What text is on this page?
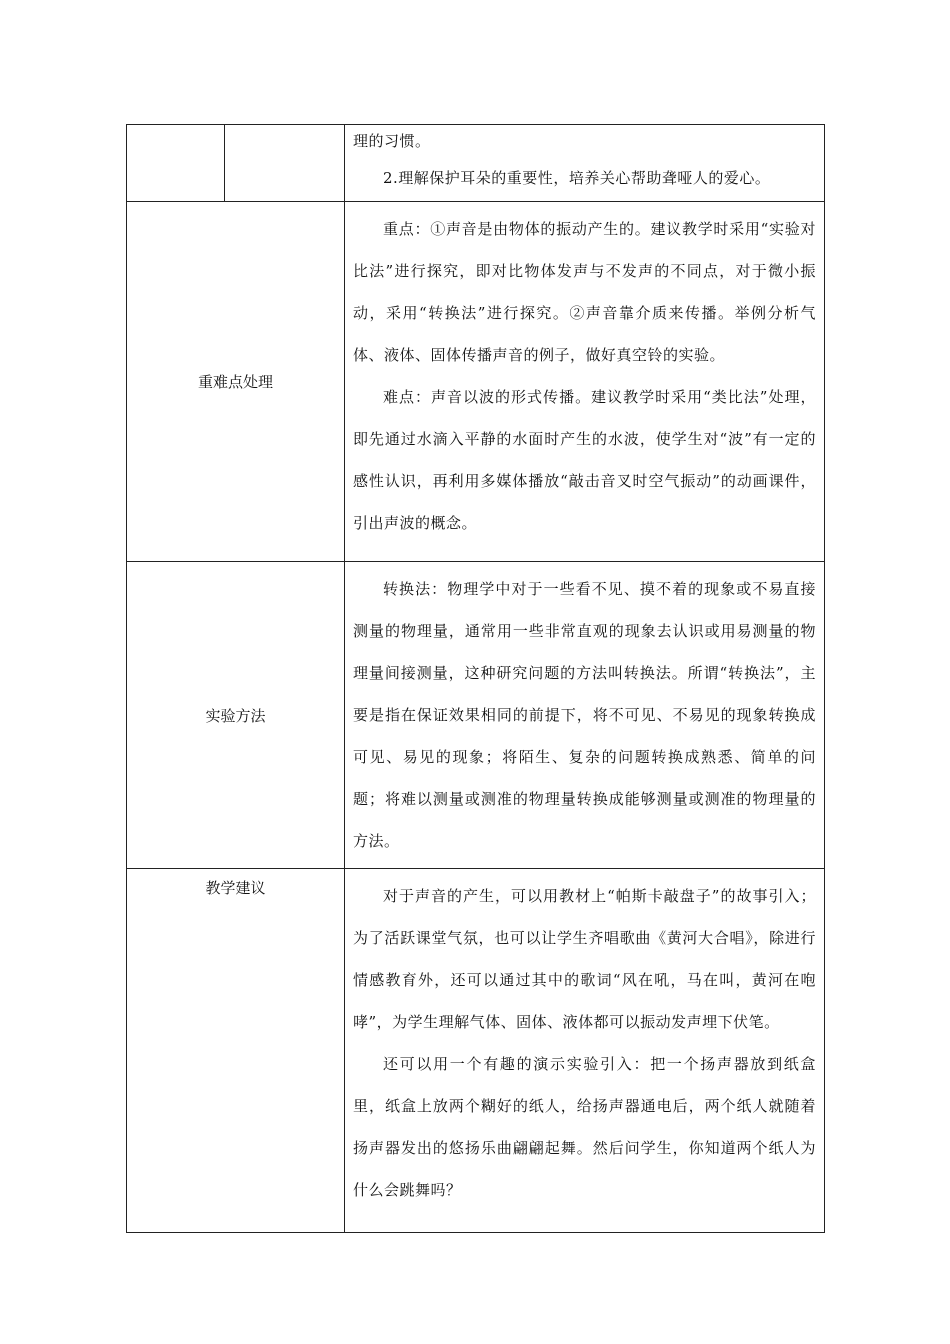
		理的习惯。

2.理解保护耳朵的重要性，培养关心帮助聋哑人的爱心。

重难点处理		重点：①声音是由物体的振动产生的。建议教学时采用“实验对比法”进行探究，即对比物体发声与不发声的不同点，对于微小振动，采用“转换法”进行探究。②声音靠介质来传播。举例分析气体、液体、固体传播声音的例子，做好真空铃的实验。

难点：声音以波的形式传播。建议教学时采用“类比法”处理，即先通过水滴入平静的水面时产生的水波，使学生对“波”有一定的感性认识，再利用多媒体播放“敲击音叉时空气振动”的动画课件，引出声波的概念。

实验方法		转换法：物理学中对于一些看不见、摸不着的现象或不易直接测量的物理量，通常用一些非常直观的现象去认识或用易测量的物理量间接测量，这种研究问题的方法叫转换法。所谓“转换法”，主要是指在保证效果相同的前提下，将不可见、不易见的现象转换成可见、易见的现象；将陌生、复杂的问题转换成熟悉、简单的问题；将难以测量或测准的物理量转换成能够测量或测准的物理量的方法。

教学建议		对于声音的产生，可以用教材上“帕斯卡敲盘子”的故事引入；为了活跃课堂气氛，也可以让学生齐唱歌曲《黄河大合唱》，除进行情感教育外，还可以通过其中的歌词“风在吼，马在叫，黄河在咆哮”，为学生理解气体、固体、液体都可以振动发声埋下伏笔。

还可以用一个有趣的演示实验引入：把一个扬声器放到纸盒里，纸盒上放两个糊好的纸人，给扬声器通电后，两个纸人就随着扬声器发出的悠扬乐曲翩翩起舞。然后问学生，你知道两个纸人为什么会跳舞吗？
